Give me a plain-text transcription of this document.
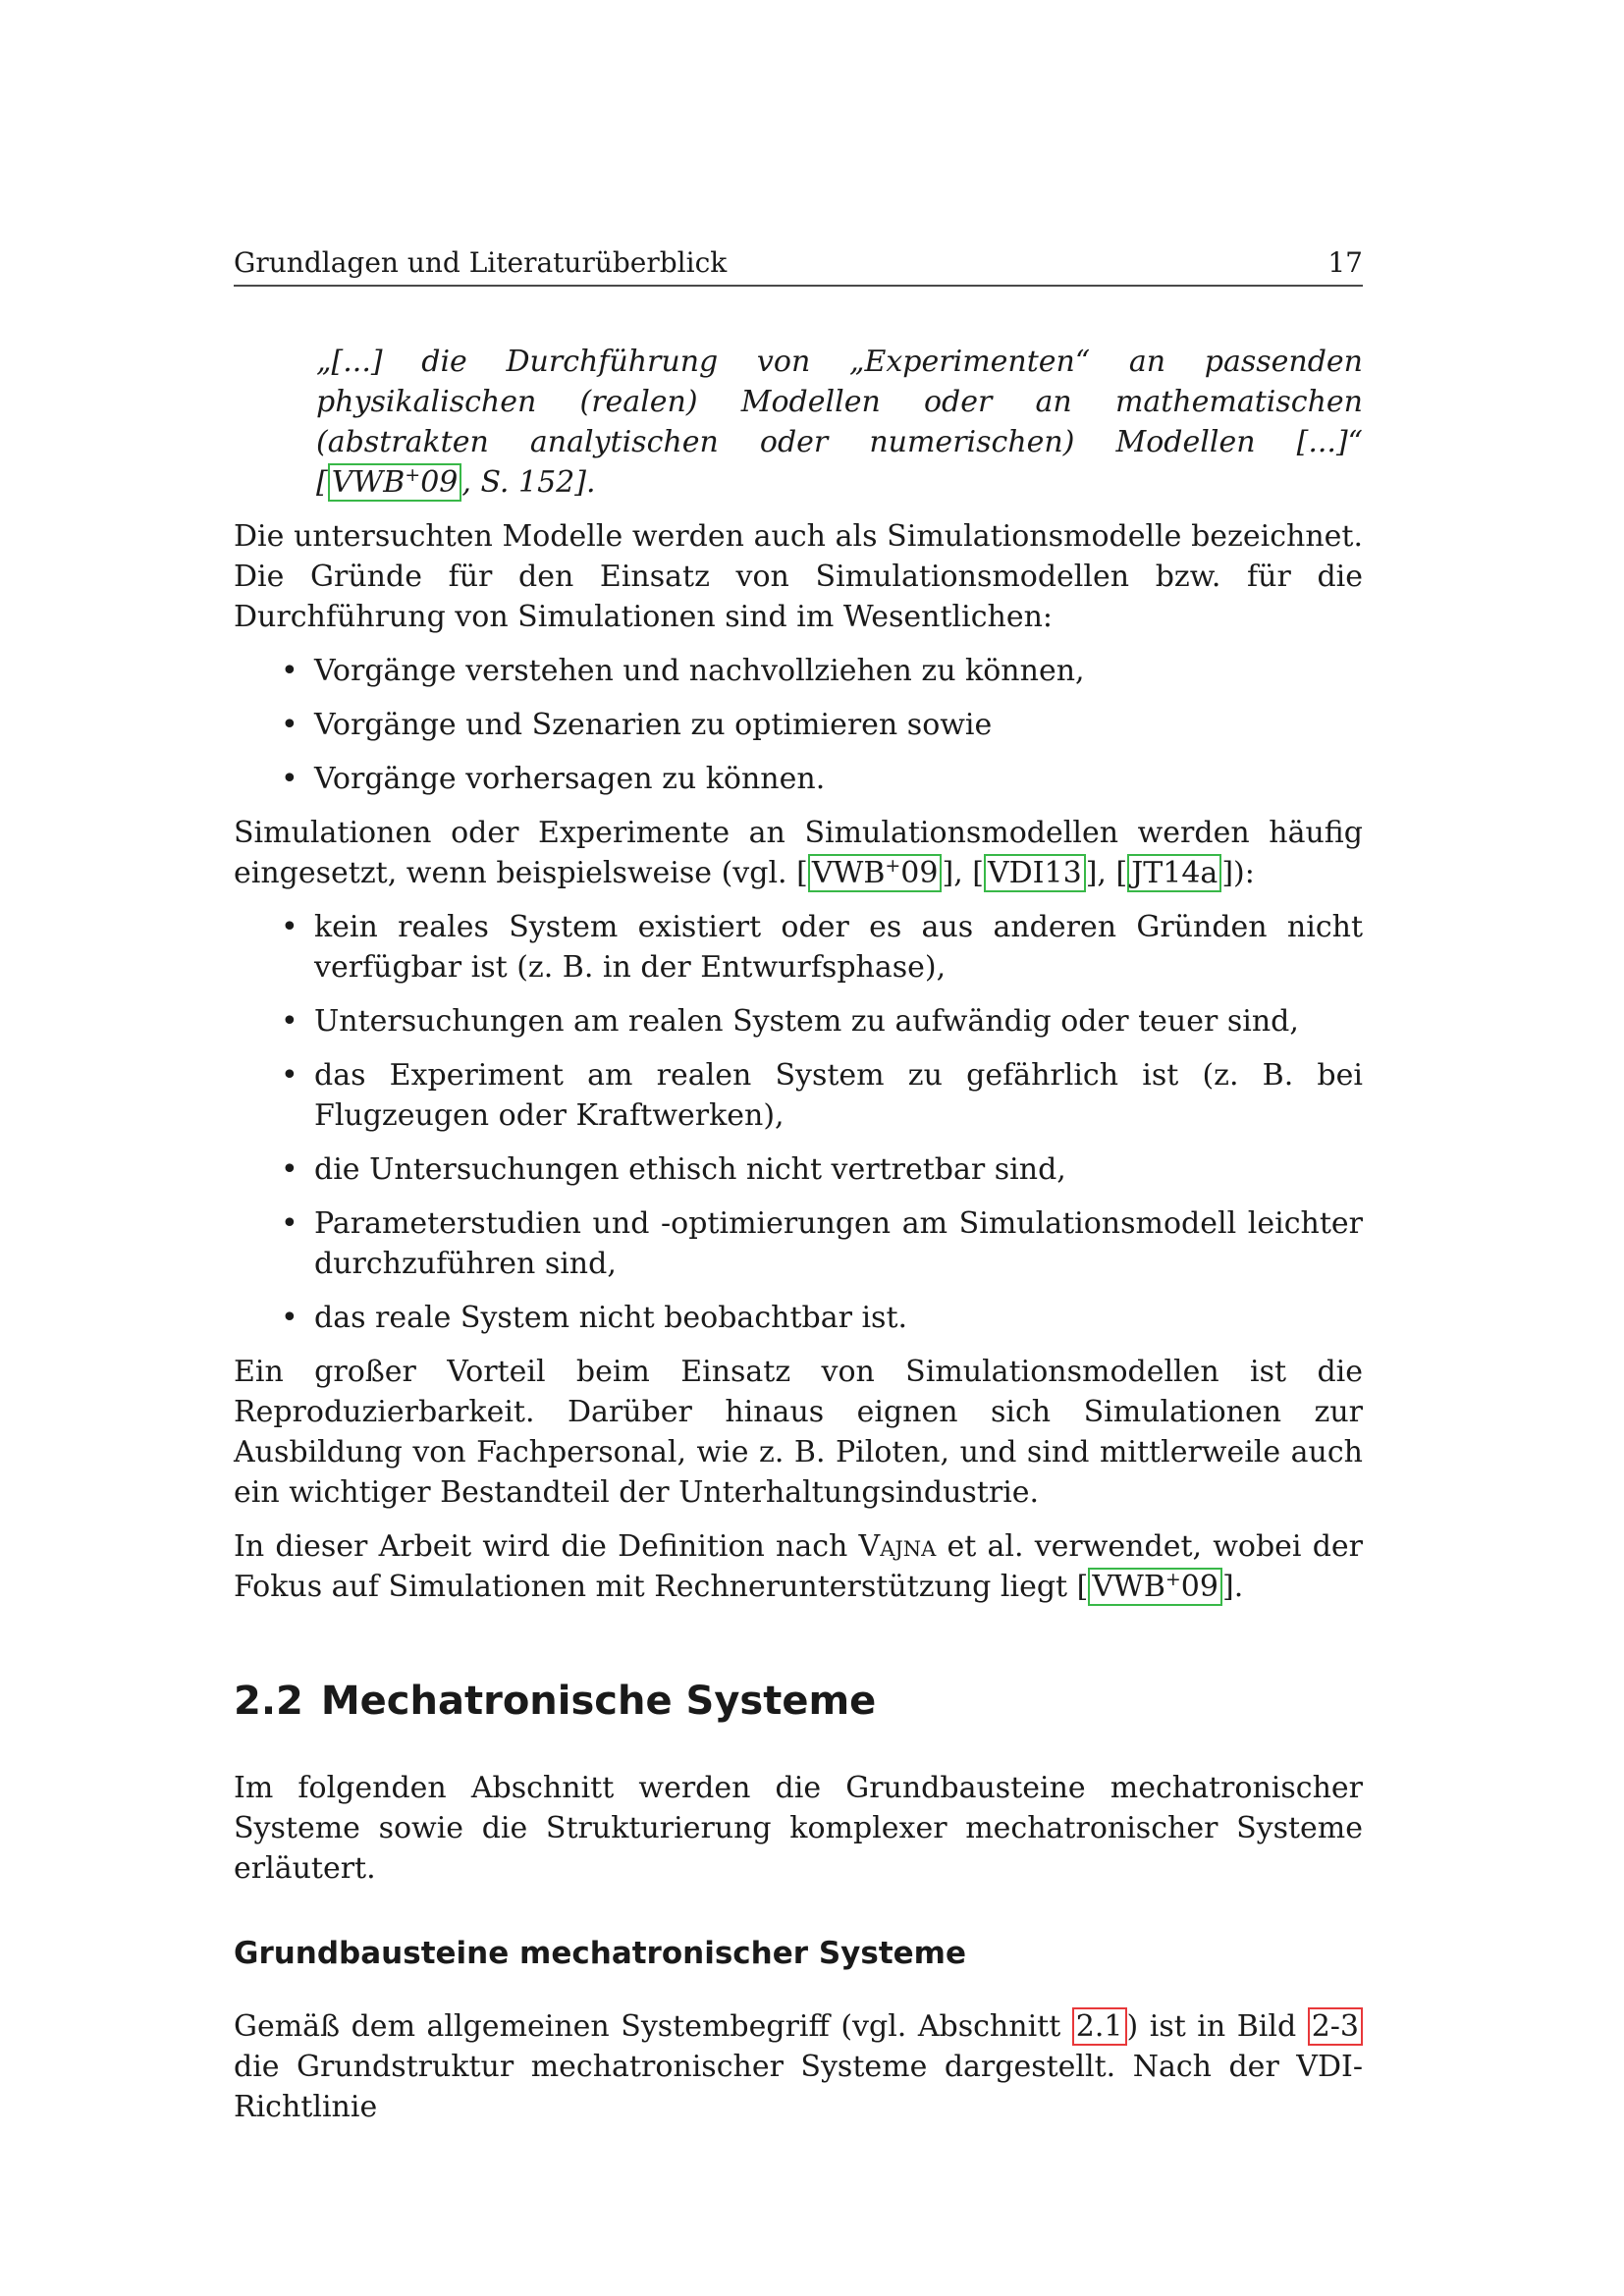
Grundlagen und Literaturüberblick	17

„[...] die Durchführung von „Experimenten“ an passenden physikalischen (realen) Modellen oder an mathematischen (abstrakten analytischen oder numerischen) Modellen [...]“ [ VWB+09 , S. 152].

Die untersuchten Modelle werden auch als Simulationsmodelle bezeichnet. Die Gründe für den Einsatz von Simulationsmodellen bzw. für die Durchführung von Simulationen sind im Wesentlichen:

• Vorgänge verstehen und nachvollziehen zu können,
• Vorgänge und Szenarien zu optimieren sowie
• Vorgänge vorhersagen zu können.

Simulationen oder Experimente an Simulationsmodellen werden häufig eingesetzt, wenn beispielsweise (vgl. [ VWB+09 ], [ VDI13 ], [ JT14a ]):

• kein reales System existiert oder es aus anderen Gründen nicht verfügbar ist (z. B. in der Entwurfsphase),
• Untersuchungen am realen System zu aufwändig oder teuer sind,
• das Experiment am realen System zu gefährlich ist (z. B. bei Flugzeugen oder Kraftwerken),
• die Untersuchungen ethisch nicht vertretbar sind,
• Parameterstudien und -optimierungen am Simulationsmodell leichter durchzuführen sind,
• das reale System nicht beobachtbar ist.

Ein großer Vorteil beim Einsatz von Simulationsmodellen ist die Reproduzierbarkeit. Darüber hinaus eignen sich Simulationen zur Ausbildung von Fachpersonal, wie z. B. Piloten, und sind mittlerweile auch ein wichtiger Bestandteil der Unterhaltungsindustrie.

In dieser Arbeit wird die Definition nach Vajna et al. verwendet, wobei der Fokus auf Simulationen mit Rechnerunterstützung liegt [ VWB+09 ].

2.2 Mechatronische Systeme

Im folgenden Abschnitt werden die Grundbausteine mechatronischer Systeme sowie die Strukturierung komplexer mechatronischer Systeme erläutert.

Grundbausteine mechatronischer Systeme

Gemäß dem allgemeinen Systembegriff (vgl. Abschnitt 2.1 ) ist in Bild 2-3 die Grundstruktur mechatronischer Systeme dargestellt. Nach der VDI-Richtlinie
